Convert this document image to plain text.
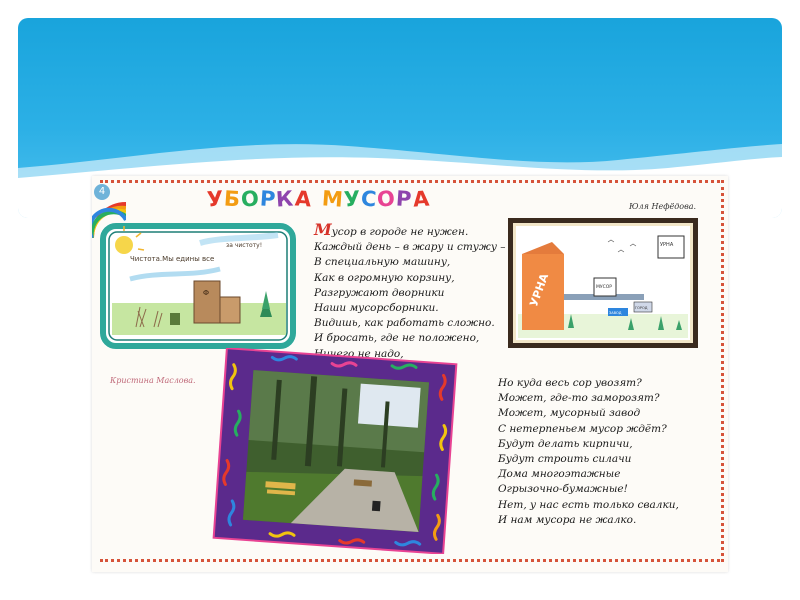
4	УБОРКА МУСОРА	Юля Нефёдова.
Чистота.Мы едины все
за чистоту!
Ф
Кристина Маслова.
Мусор в городе не нужен.
Каждый день – в жару и стужу –
В специальную машину,
Как в огромную корзину,
Разгружают дворники
Наши мусорсборники.
Видишь, как работать сложно.
И бросать, где не положено,
Ничего не надо,
УРНА	МУСОР
УРНА
ГОРОД
ЗАВОД
Но куда весь сор увозят?
Может, где-то заморозят?
Может, мусорный завод
С нетерпеньем мусор ждёт?
Будут делать кирпичи,
Будут строить силачи
Дома многоэтажные
Огрызочно-бумажные!
Нет, у нас есть только свалки,
И нам мусора не жалко.
